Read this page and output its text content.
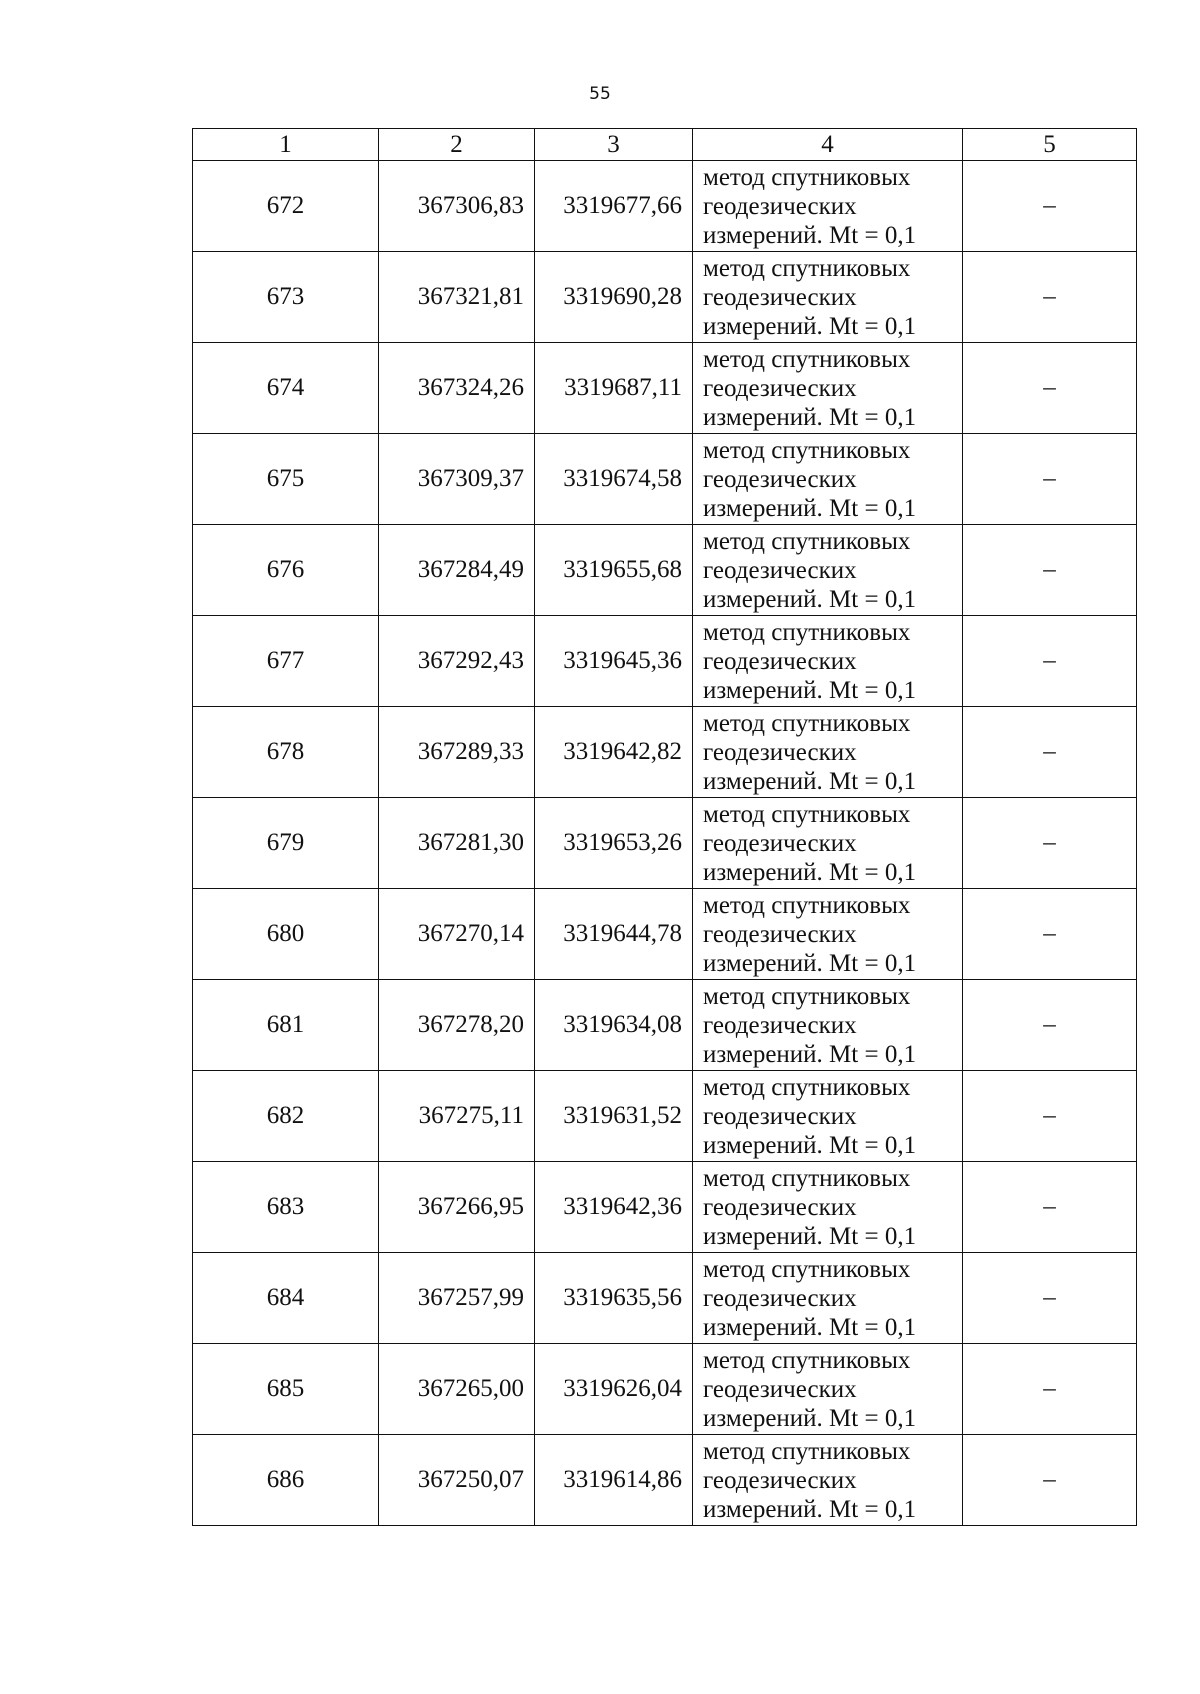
55
1	2	3	4	5
672	367306,83	3319677,66	метод спутниковых
геодезических
измерений. Mt = 0,1	–
673	367321,81	3319690,28	метод спутниковых
геодезических
измерений. Mt = 0,1	–
674	367324,26	3319687,11	метод спутниковых
геодезических
измерений. Mt = 0,1	–
675	367309,37	3319674,58	метод спутниковых
геодезических
измерений. Mt = 0,1	–
676	367284,49	3319655,68	метод спутниковых
геодезических
измерений. Mt = 0,1	–
677	367292,43	3319645,36	метод спутниковых
геодезических
измерений. Mt = 0,1	–
678	367289,33	3319642,82	метод спутниковых
геодезических
измерений. Mt = 0,1	–
679	367281,30	3319653,26	метод спутниковых
геодезических
измерений. Mt = 0,1	–
680	367270,14	3319644,78	метод спутниковых
геодезических
измерений. Mt = 0,1	–
681	367278,20	3319634,08	метод спутниковых
геодезических
измерений. Mt = 0,1	–
682	367275,11	3319631,52	метод спутниковых
геодезических
измерений. Mt = 0,1	–
683	367266,95	3319642,36	метод спутниковых
геодезических
измерений. Mt = 0,1	–
684	367257,99	3319635,56	метод спутниковых
геодезических
измерений. Mt = 0,1	–
685	367265,00	3319626,04	метод спутниковых
геодезических
измерений. Mt = 0,1	–
686	367250,07	3319614,86	метод спутниковых
геодезических
измерений. Mt = 0,1	–
